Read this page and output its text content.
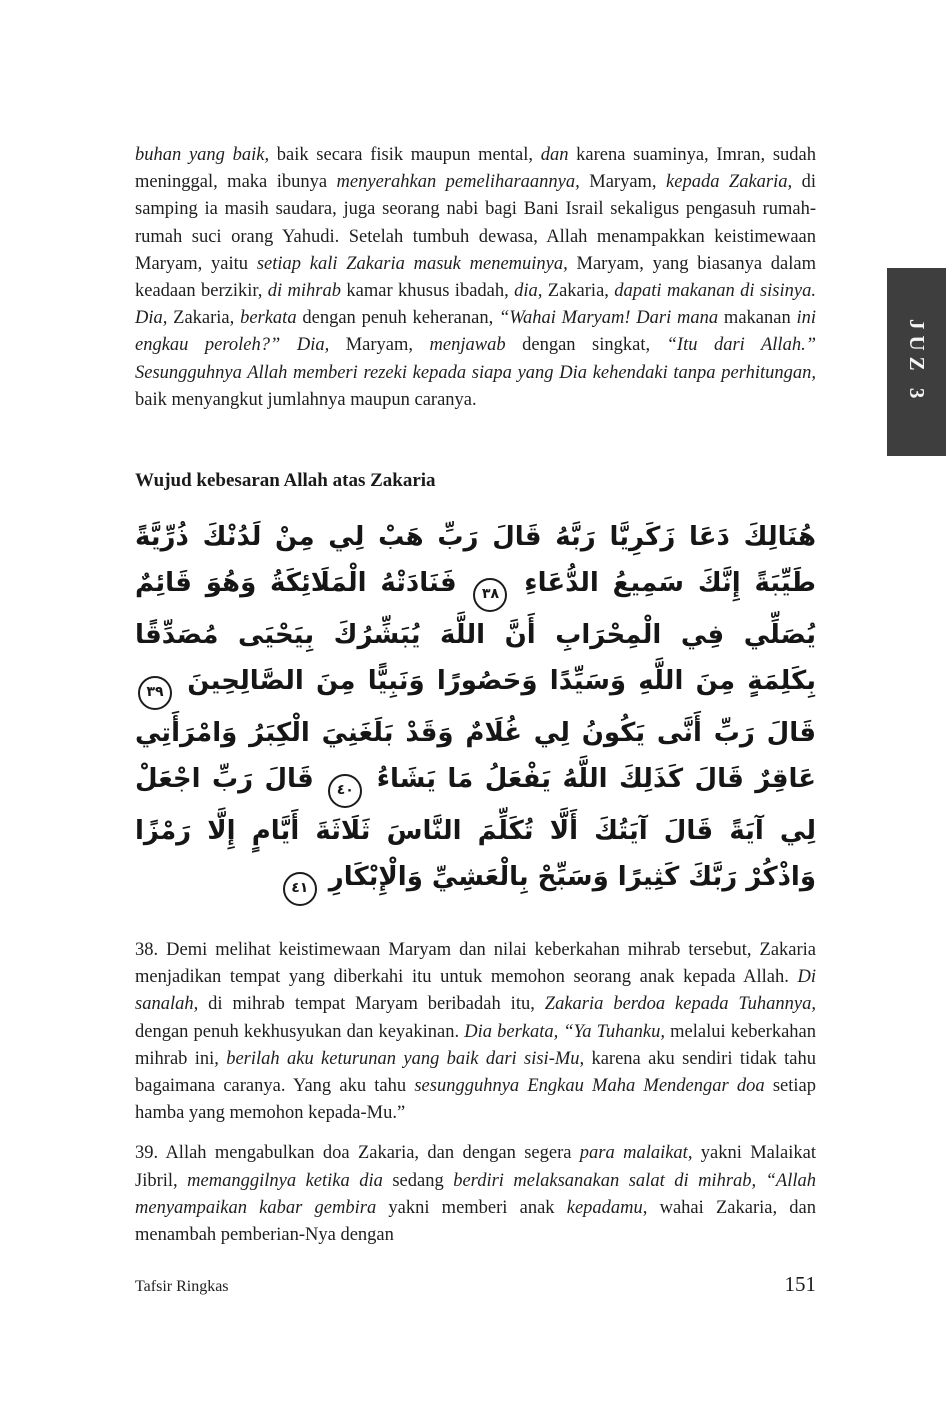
JUZ 3

buhan yang baik, baik secara fisik maupun mental, dan karena suaminya, Imran, sudah meninggal, maka ibunya menyerahkan pemeliharaannya, Maryam, kepada Zakaria, di samping ia masih saudara, juga seorang nabi bagi Bani Israil sekaligus pengasuh rumah-rumah suci orang Yahudi. Setelah tumbuh dewasa, Allah menampakkan keistimewaan Maryam, yaitu setiap kali Zakaria masuk menemuinya, Maryam, yang biasanya dalam keadaan berzikir, di mihrab kamar khusus ibadah, dia, Zakaria, dapati makanan di sisinya. Dia, Zakaria, berkata dengan penuh keheranan, “Wahai Maryam! Dari mana makanan ini engkau peroleh?” Dia, Maryam, menjawab dengan singkat, “Itu dari Allah.” Sesungguhnya Allah memberi rezeki kepada siapa yang Dia kehendaki tanpa perhitungan, baik menyangkut jumlahnya maupun caranya.

Wujud kebesaran Allah atas Zakaria
هُنَالِكَ دَعَا زَكَرِيَّا رَبَّهُ قَالَ رَبِّ هَبْ لِي مِنْ لَدُنْكَ ذُرِّيَّةً طَيِّبَةً إِنَّكَ سَمِيعُ الدُّعَاءِ ٣٨ فَنَادَتْهُ الْمَلَائِكَةُ وَهُوَ قَائِمٌ يُصَلِّي فِي الْمِحْرَابِ أَنَّ اللَّهَ يُبَشِّرُكَ بِيَحْيَى مُصَدِّقًا بِكَلِمَةٍ مِنَ اللَّهِ وَسَيِّدًا وَحَصُورًا وَنَبِيًّا مِنَ الصَّالِحِينَ ٣٩ قَالَ رَبِّ أَنَّى يَكُونُ لِي غُلَامٌ وَقَدْ بَلَغَنِيَ الْكِبَرُ وَامْرَأَتِي عَاقِرٌ قَالَ كَذَلِكَ اللَّهُ يَفْعَلُ مَا يَشَاءُ ٤٠ قَالَ رَبِّ اجْعَلْ لِي آيَةً قَالَ آيَتُكَ أَلَّا تُكَلِّمَ النَّاسَ ثَلَاثَةَ أَيَّامٍ إِلَّا رَمْزًا وَاذْكُرْ رَبَّكَ كَثِيرًا وَسَبِّحْ بِالْعَشِيِّ وَالْإِبْكَارِ ٤١

38. Demi melihat keistimewaan Maryam dan nilai keberkahan mihrab tersebut, Zakaria menjadikan tempat yang diberkahi itu untuk memohon seorang anak kepada Allah. Di sanalah, di mihrab tempat Maryam beribadah itu, Zakaria berdoa kepada Tuhannya, dengan penuh kekhusyukan dan keyakinan. Dia berkata, “Ya Tuhanku, melalui keberkahan mihrab ini, berilah aku keturunan yang baik dari sisi-Mu, karena aku sendiri tidak tahu bagaimana caranya. Yang aku tahu sesungguhnya Engkau Maha Mendengar doa setiap hamba yang memohon kepada-Mu.”

39. Allah mengabulkan doa Zakaria, dan dengan segera para malaikat, yakni Malaikat Jibril, memanggilnya ketika dia sedang berdiri melaksanakan salat di mihrab, “Allah menyampaikan kabar gembira yakni memberi anak kepadamu, wahai Zakaria, dan menambah pemberian-Nya dengan

Tafsir Ringkas	151
